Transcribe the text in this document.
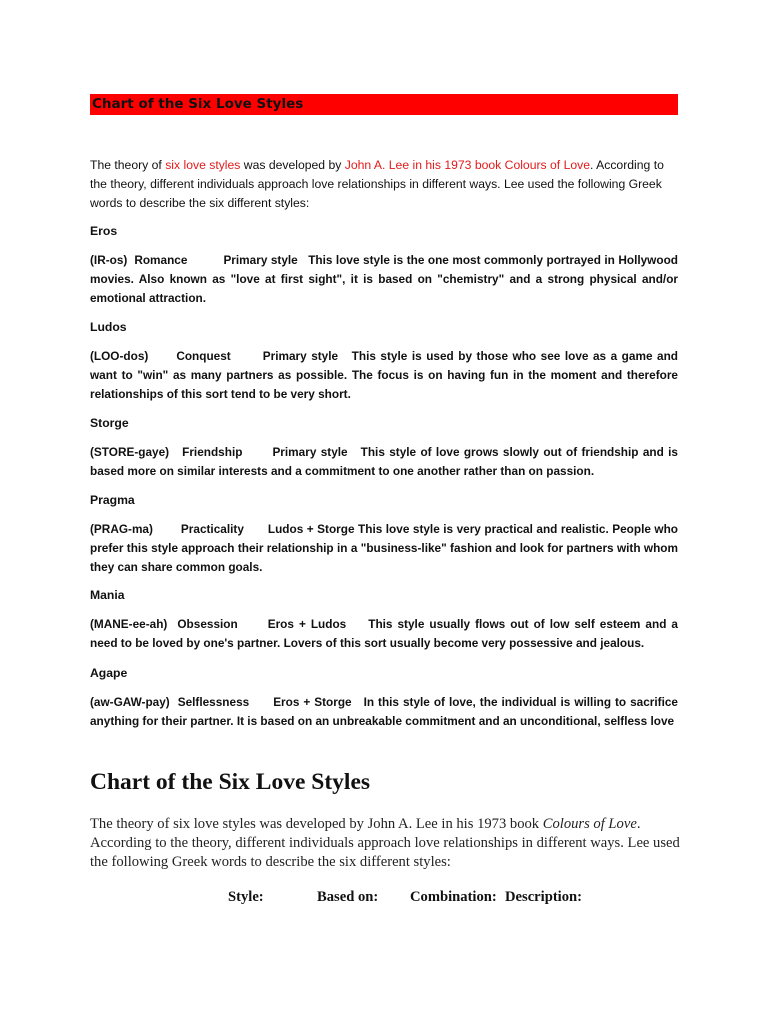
Chart of the Six Love Styles
The theory of six love styles was developed by John A. Lee in his 1973 book Colours of Love. According to the theory, different individuals approach love relationships in different ways. Lee used the following Greek words to describe the six different styles:
Eros
(IR-os) Romance	Primary style This love style is the one most commonly portrayed in Hollywood movies. Also known as "love at first sight", it is based on "chemistry" and a strong physical and/or emotional attraction.
Ludos
(LOO-dos) Conquest	Primary style This style is used by those who see love as a game and want to "win" as many partners as possible. The focus is on having fun in the moment and therefore relationships of this sort tend to be very short.
Storge
(STORE-gaye) Friendship	Primary style This style of love grows slowly out of friendship and is based more on similar interests and a commitment to one another rather than on passion.
Pragma
(PRAG-ma) Practicality Ludos + Storge This love style is very practical and realistic. People who prefer this style approach their relationship in a "business-like" fashion and look for partners with whom they can share common goals.
Mania
(MANE-ee-ah) Obsession	Eros + Ludos This style usually flows out of low self esteem and a need to be loved by one's partner. Lovers of this sort usually become very possessive and jealous.
Agape
(aw-GAW-pay) Selflessness Eros + Storge In this style of love, the individual is willing to sacrifice anything for their partner. It is based on an unbreakable commitment and an unconditional, selfless love
Chart of the Six Love Styles
The theory of six love styles was developed by John A. Lee in his 1973 book Colours of Love. According to the theory, different individuals approach love relationships in different ways. Lee used the following Greek words to describe the six different styles:
Style:	Based on: Combination: Description:
